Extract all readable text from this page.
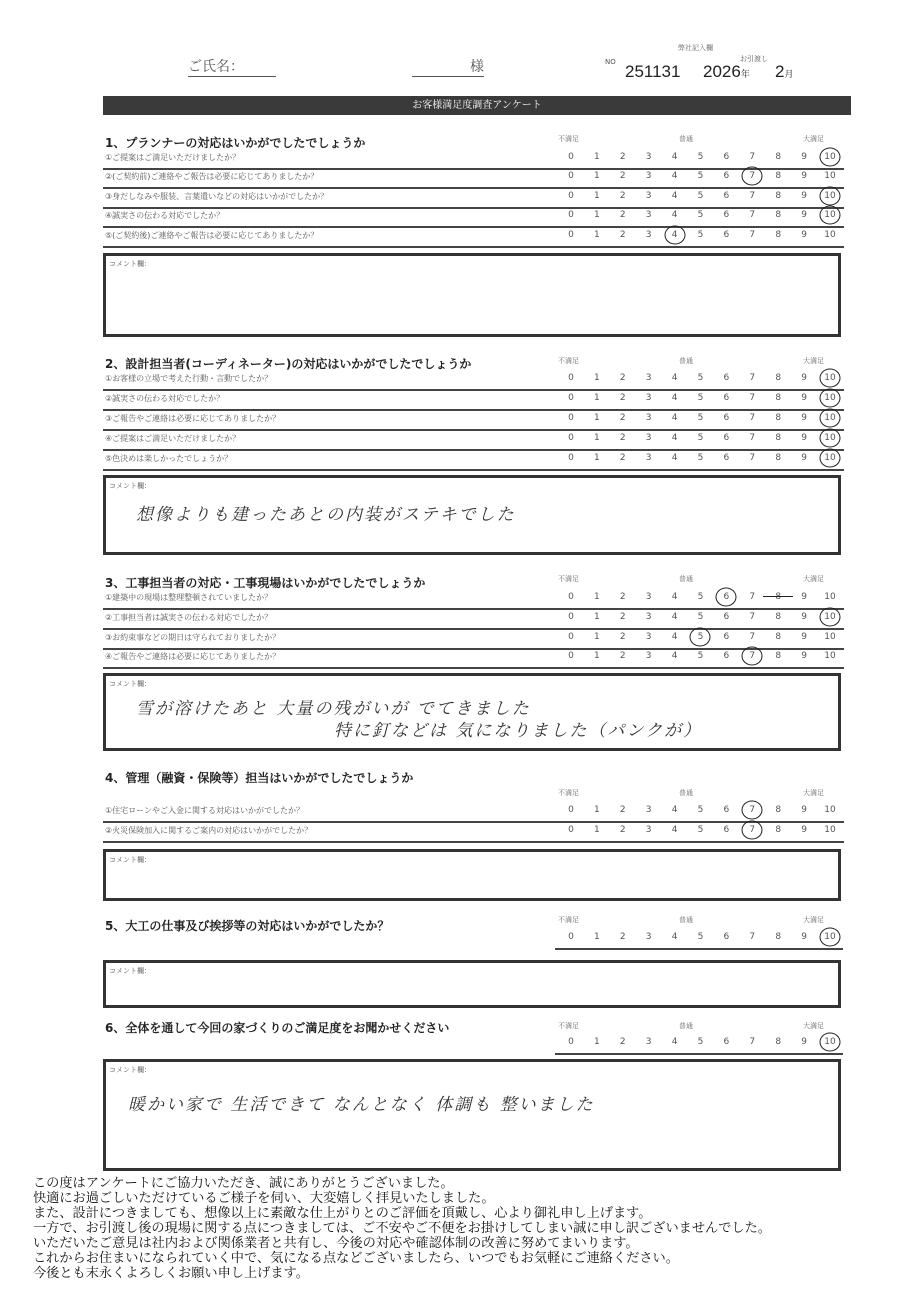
ご氏名：	様
弊社記入欄
NO 251131
お引渡し
2026年 2月
お客様満足度調査アンケート
1、プランナーの対応はいかがでしたでしょうか	不満足	普通	大満足
①ご提案はご満足いただけましたか？	0	1	2	3	4	5	6	7	8	9	10
②(ご契約前)ご連絡やご報告は必要に応じてありましたか？	0	1	2	3	4	5	6	7	8	9	10
③身だしなみや服装、言葉遣いなどの対応はいかがでしたか？	0	1	2	3	4	5	6	7	8	9	10
④誠実さの伝わる対応でしたか？	0	1	2	3	4	5	6	7	8	9	10
⑤(ご契約後)ご連絡やご報告は必要に応じてありましたか？	0	1	2	3	4	5	6	7	8	9	10
コメント欄：
2、設計担当者(コーディネーター)の対応はいかがでしたでしょうか	不満足	普通	大満足
①お客様の立場で考えた行動・言動でしたか？	0	1	2	3	4	5	6	7	8	9	10
②誠実さの伝わる対応でしたか？	0	1	2	3	4	5	6	7	8	9	10
③ご報告やご連絡は必要に応じてありましたか？	0	1	2	3	4	5	6	7	8	9	10
④ご提案はご満足いただけましたか？	0	1	2	3	4	5	6	7	8	9	10
⑤色決めは楽しかったでしょうか？	0	1	2	3	4	5	6	7	8	9	10
コメント欄：
想像よりも建ったあとの内装がステキでした
3、工事担当者の対応・工事現場はいかがでしたでしょうか	不満足	普通	大満足
①建築中の現場は整理整頓されていましたか？	0	1	2	3	4	5	6	7	8	9	10
②工事担当者は誠実さの伝わる対応でしたか？	0	1	2	3	4	5	6	7	8	9	10
③お約束事などの期日は守られておりましたか？	0	1	2	3	4	5	6	7	8	9	10
④ご報告やご連絡は必要に応じてありましたか？	0	1	2	3	4	5	6	7	8	9	10
コメント欄：
雪が溶けたあと 大量の残がいが でてきました
特に釘などは 気になりました（パンクが）
4、管理（融資・保険等）担当はいかがでしたでしょうか
不満足	普通	大満足
①住宅ローンやご入金に関する対応はいかがでしたか？	0	1	2	3	4	5	6	7	8	9	10
②火災保険加入に関するご案内の対応はいかがでしたか？	0	1	2	3	4	5	6	7	8	9	10
コメント欄：
5、大工の仕事及び挨拶等の対応はいかがでしたか？	不満足	普通	大満足
0	1	2	3	4	5	6	7	8	9	10
コメント欄：
6、全体を通して今回の家づくりのご満足度をお聞かせください	不満足	普通	大満足
0	1	2	3	4	5	6	7	8	9	10
コメント欄：
暖かい家で 生活できて なんとなく 体調も 整いました
この度はアンケートにご協力いただき、誠にありがとうございました。
快適にお過ごしいただけているご様子を伺い、大変嬉しく拝見いたしました。
また、設計につきましても、想像以上に素敵な仕上がりとのご評価を頂戴し、心より御礼申し上げます。
一方で、お引渡し後の現場に関する点につきましては、ご不安やご不便をお掛けしてしまい誠に申し訳ございませんでした。
いただいたご意見は社内および関係業者と共有し、今後の対応や確認体制の改善に努めてまいります。
これからお住まいになられていく中で、気になる点などございましたら、いつでもお気軽にご連絡ください。
今後とも末永くよろしくお願い申し上げます。
